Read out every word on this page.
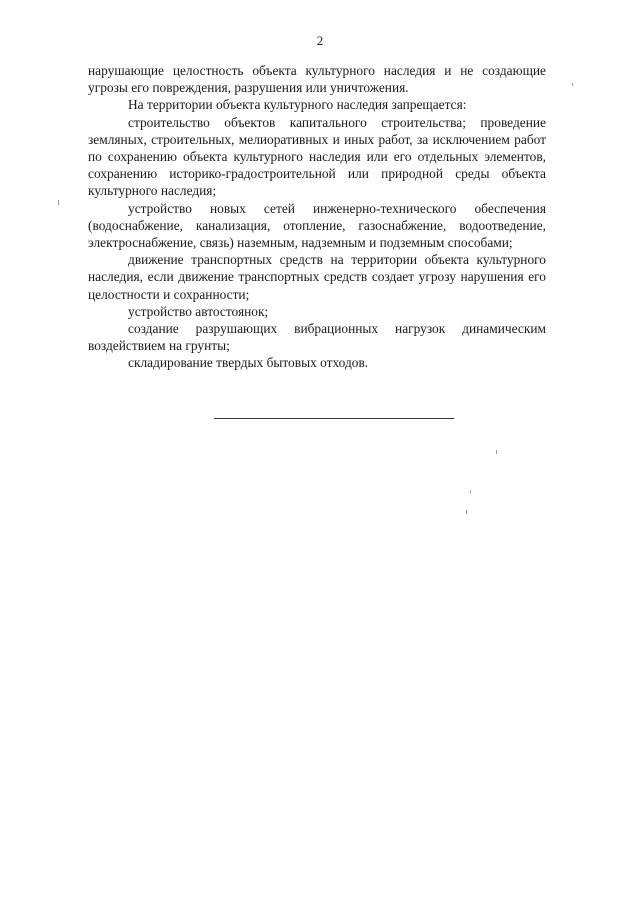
2

нарушающие целостность объекта культурного наследия и не создающие угрозы его повреждения, разрушения или уничтожения.

На территории объекта культурного наследия запрещается:

строительство объектов капитального строительства; проведение земляных, строительных, мелиоративных и иных работ, за исключением работ по сохранению объекта культурного наследия или его отдельных элементов, сохранению историко-градостроительной или природной среды объекта культурного наследия;

устройство новых сетей инженерно-технического обеспечения (водоснабжение, канализация, отопление, газоснабжение, водоотведение, электроснабжение, связь) наземным, надземным и подземным способами;

движение транспортных средств на территории объекта культурного наследия, если движение транспортных средств создает угрозу нарушения его целостности и сохранности;

устройство автостоянок;

создание разрушающих вибрационных нагрузок динамическим воздействием на грунты;

складирование твердых бытовых отходов.
